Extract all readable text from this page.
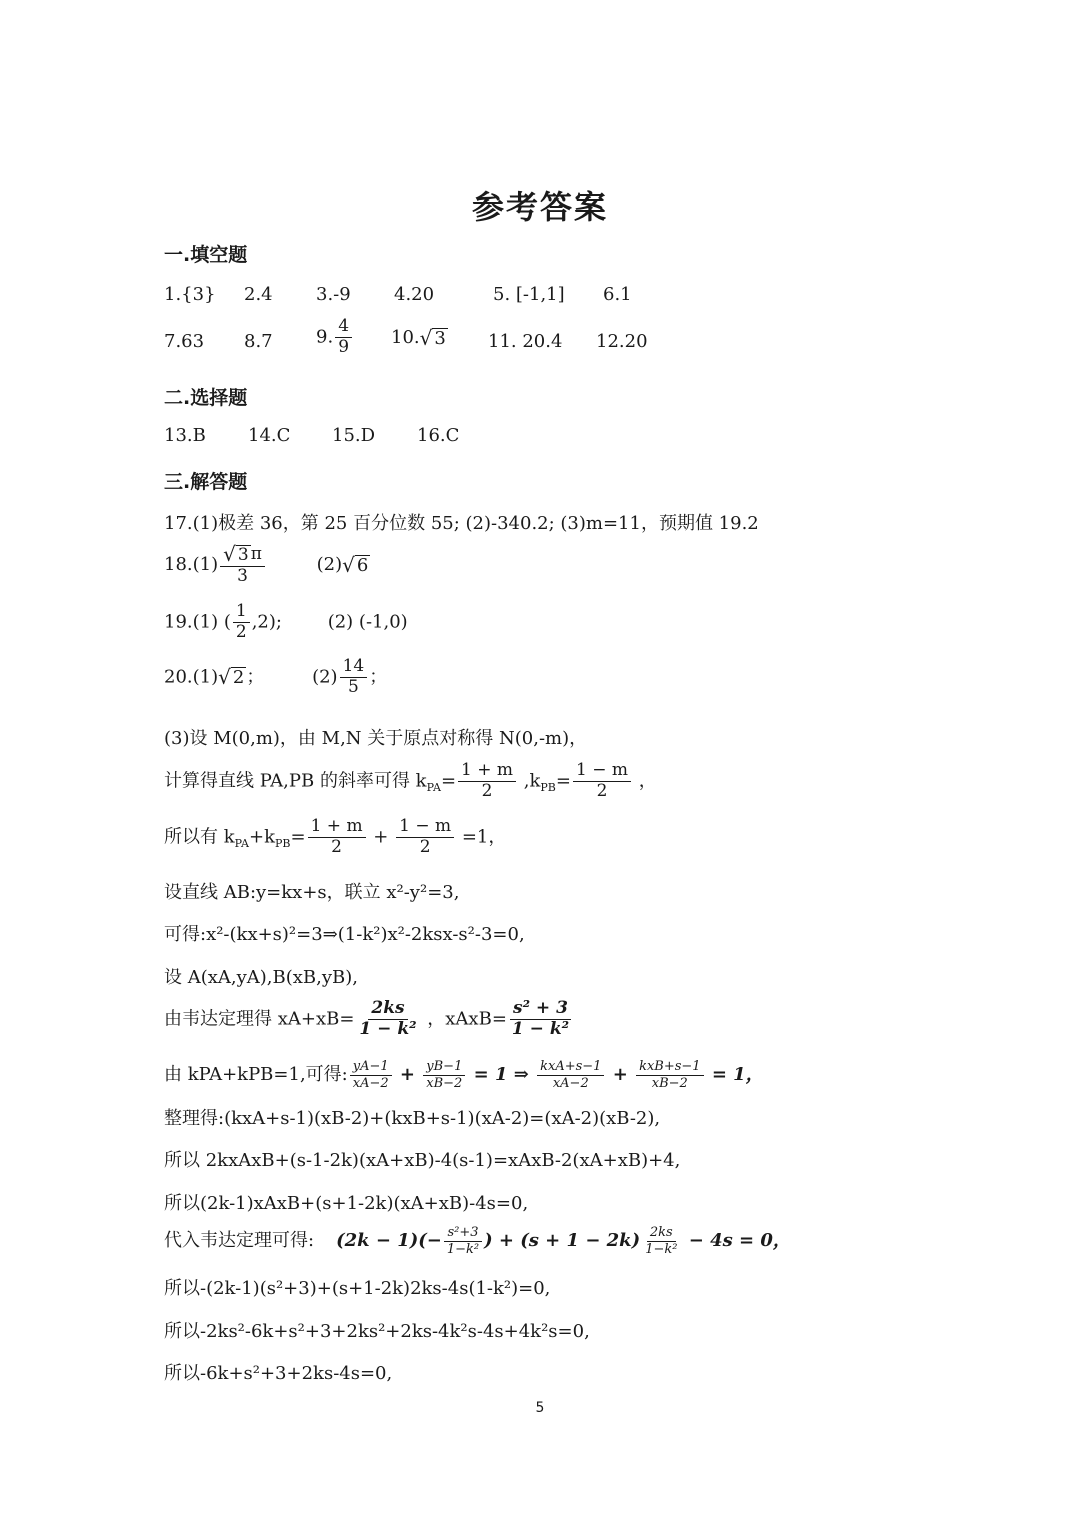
参考答案
一.填空题
1.{3} 2.4 3.-9 4.20	5. [-1,1] 6.1
7.63 8.7 9. $\frac{4}{9} 10$. √ 3 11. 20.4 12.20
二.选择题
13.B 14.C 15.D 16.C
三.解答题
17.(1)极差 36，第 25 百分位数 55; (2)-340.2; (3)m=11，预期值 19.2
$18.(1) \frac{√ 3 \pi}{3}$	(2) √ 6
19.(1) ( $\frac{1}{2} ,2$);	(2) (-1,0)
20.(1) √ 2 ；	$(2) \frac{14}{5}$ ；
(3)设 M(0,m)，由 M,N 关于原点对称得 N(0,-m)，
计算得直线 PA,PB 的斜率可得 $k_{PA}= \frac{1 + m}{2} ,k_{PB}= \frac{1 - m}{2}$ ，
所以有 $k_{PA}+k_{PB}= \frac{1 + m}{2} + \frac{1 - m}{2} =1$，
设直线 AB:y=kx+s，联立 x²-y²=3,
可得:x²-(kx+s)²=3⇒(1-k²)x²-2ksx-s²-3=0,
设 A(xA,yA),B(xB,yB),
由韦达定理得 $xA+xB= \frac{2ks}{\text{1 − k²}}$ ，xAxB= $\frac{\text{s² + 3}}{\text{1 − k²}}$
由 kPA+kPB=1,可得: $\frac{yA-1}{xA-2} + \frac{yB-1}{xB-2} = 1$ ⇒ $\frac{\text{kxA+s−1}}{xA-2} + \frac{\text{kxB+s−1}}{xB-2} = 1$，
整理得:(kxA+s-1)(xB-2)+(kxB+s-1)(xA-2)=(xA-2)(xB-2),
所以 2kxAxB+(s-1-2k)(xA+xB)-4(s-1)=xAxB-2(xA+xB)+4,
所以(2k-1)xAxB+(s+1-2k)(xA+xB)-4s=0,
代入韦达定理可得: $(2k - 1)(- \frac{\text{s²+3}}{\text{1−k²}}$ ) + $(s + 1 - 2k) \frac{2ks}{\text{1−k²}} - 4s = 0$，
所以-(2k-1)(s²+3)+(s+1-2k)2ks-4s(1-k²)=0,
所以-2ks²-6k+s²+3+2ks²+2ks-4k²s-4s+4k²s=0,
所以-6k+s²+3+2ks-4s=0,
5
